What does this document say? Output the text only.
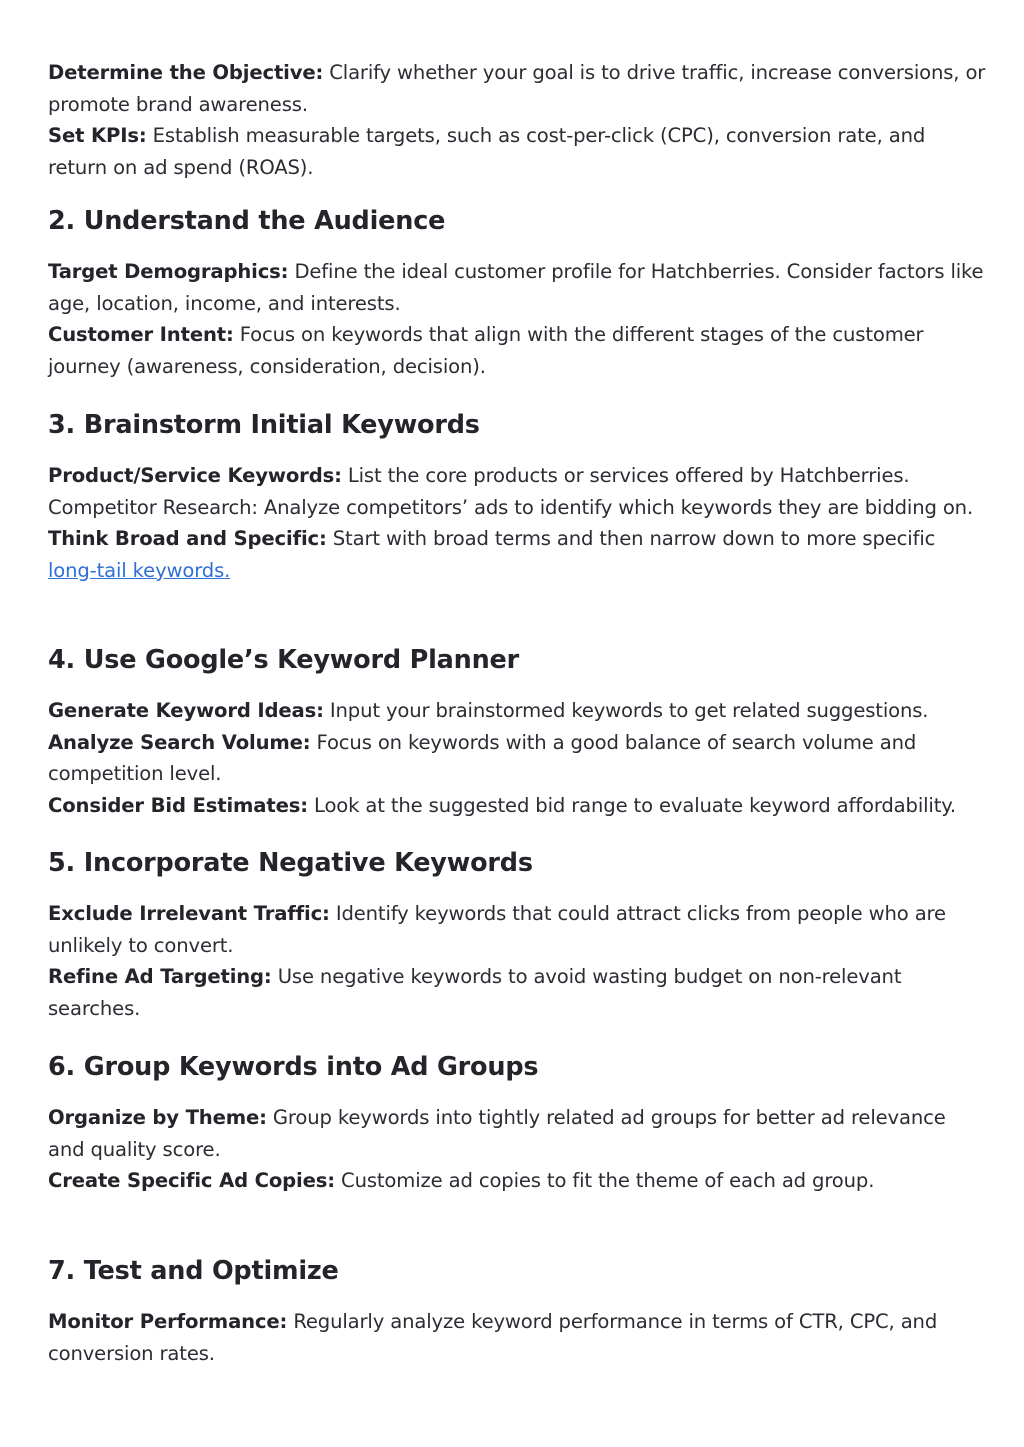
Determine the Objective: Clarify whether your goal is to drive traffic, increase conversions, or promote brand awareness.

Set KPIs: Establish measurable targets, such as cost-per-click (CPC), conversion rate, and return on ad spend (ROAS).

2. Understand the Audience

Target Demographics: Define the ideal customer profile for Hatchberries. Consider factors like age, location, income, and interests.

Customer Intent: Focus on keywords that align with the different stages of the customer journey (awareness, consideration, decision).

3. Brainstorm Initial Keywords

Product/Service Keywords: List the core products or services offered by Hatchberries.

Competitor Research: Analyze competitors’ ads to identify which keywords they are bidding on.

Think Broad and Specific: Start with broad terms and then narrow down to more specific long-tail keywords.

4. Use Google’s Keyword Planner

Generate Keyword Ideas: Input your brainstormed keywords to get related suggestions.

Analyze Search Volume: Focus on keywords with a good balance of search volume and competition level.

Consider Bid Estimates: Look at the suggested bid range to evaluate keyword affordability.

5. Incorporate Negative Keywords

Exclude Irrelevant Traffic: Identify keywords that could attract clicks from people who are unlikely to convert.

Refine Ad Targeting: Use negative keywords to avoid wasting budget on non-relevant searches.

6. Group Keywords into Ad Groups

Organize by Theme: Group keywords into tightly related ad groups for better ad relevance and quality score.

Create Specific Ad Copies: Customize ad copies to fit the theme of each ad group.

7. Test and Optimize

Monitor Performance: Regularly analyze keyword performance in terms of CTR, CPC, and conversion rates.
